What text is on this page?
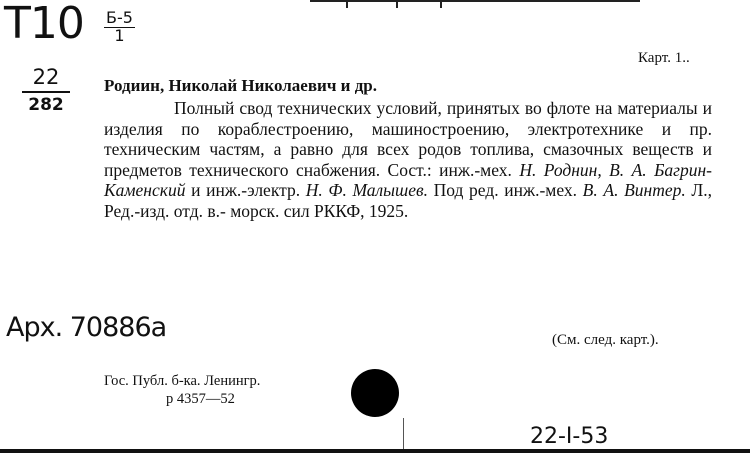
Т10 Б-5
1
22
282
Карт. 1..
Родиин, Николай Николаевич и др.
Полный свод технических условий, принятых во флоте на материалы и изделия по кораблестроению, машиностроению, электротехнике и пр. техническим частям, а равно для всех родов топлива, смазочных веществ и предметов технического снабжения. Сост.: инж.-мех. Н. Роднин, В. А. Багрин-Каменский и инж.-электр. Н. Ф. Малышев. Под ред. инж.-мех. В. А. Винтер. Л., Ред.-изд. отд. в.- морск. сил РККФ, 1925.
Арх. 70886а	(См. след. карт.).
Гос. Публ. б-ка. Ленингр.
р 4357—52
22-I-53
